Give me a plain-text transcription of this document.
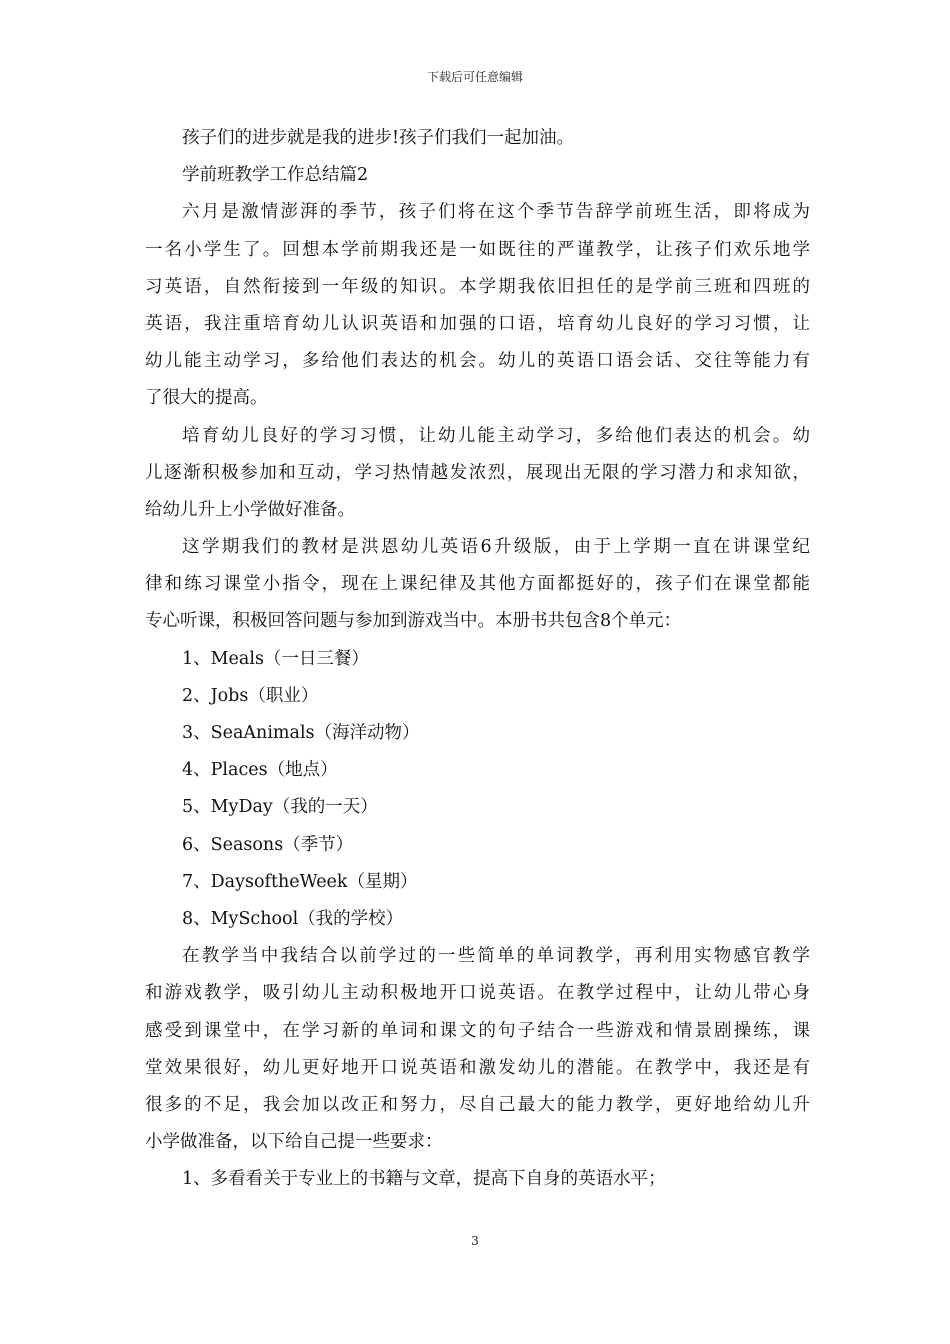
下载后可任意编辑
孩子们的进步就是我的进步!孩子们我们一起加油。
学前班教学工作总结篇2
六月是激情澎湃的季节，孩子们将在这个季节告辞学前班生活，即将成为
一名小学生了。回想本学前期我还是一如既往的严谨教学，让孩子们欢乐地学
习英语，自然衔接到一年级的知识。本学期我依旧担任的是学前三班和四班的
英语，我注重培育幼儿认识英语和加强的口语，培育幼儿良好的学习习惯，让
幼儿能主动学习，多给他们表达的机会。幼儿的英语口语会话、交往等能力有
了很大的提高。
培育幼儿良好的学习习惯，让幼儿能主动学习，多给他们表达的机会。幼
儿逐渐积极参加和互动，学习热情越发浓烈，展现出无限的学习潜力和求知欲，
给幼儿升上小学做好准备。
这学期我们的教材是洪恩幼儿英语6升级版，由于上学期一直在讲课堂纪
律和练习课堂小指令，现在上课纪律及其他方面都挺好的，孩子们在课堂都能
专心听课，积极回答问题与参加到游戏当中。本册书共包含8个单元：
1、Meals（一日三餐）
2、Jobs（职业）
3、SeaAnimals（海洋动物）
4、Places（地点）
5、MyDay（我的一天）
6、Seasons（季节）
7、DaysoftheWeek（星期）
8、MySchool（我的学校）
在教学当中我结合以前学过的一些简单的单词教学，再利用实物感官教学
和游戏教学，吸引幼儿主动积极地开口说英语。在教学过程中，让幼儿带心身
感受到课堂中，在学习新的单词和课文的句子结合一些游戏和情景剧操练，课
堂效果很好，幼儿更好地开口说英语和激发幼儿的潜能。在教学中，我还是有
很多的不足，我会加以改正和努力，尽自己最大的能力教学，更好地给幼儿升
小学做准备，以下给自己提一些要求：
1、多看看关于专业上的书籍与文章，提高下自身的英语水平；
3
